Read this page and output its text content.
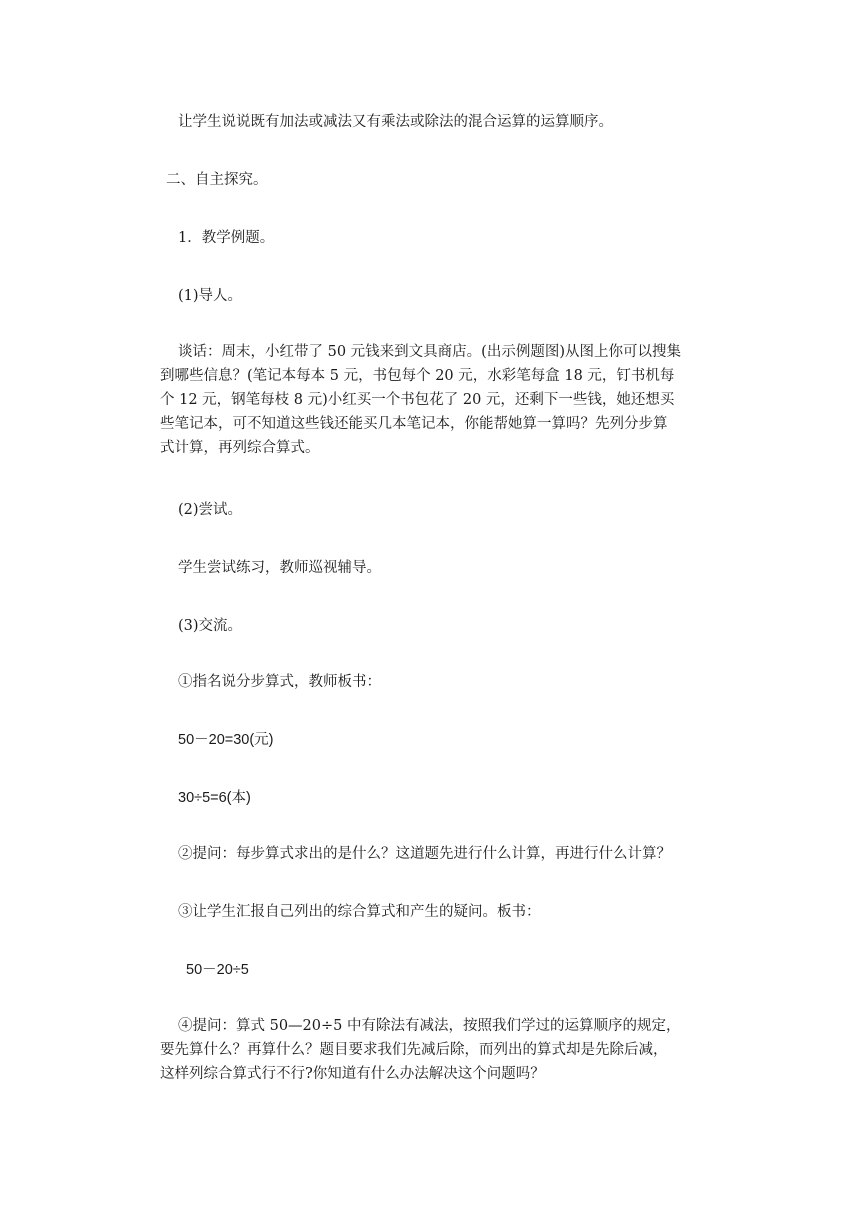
让学生说说既有加法或减法又有乘法或除法的混合运算的运算顺序。
二、自主探究。
1．教学例题。
(1)导人。
谈话：周末，小红带了 50 元钱来到文具商店。(出示例题图)从图上你可以搜集
到哪些信息？(笔记本每本 5 元，书包每个 20 元，水彩笔每盒 18 元，钉书机每
个 12 元，钢笔每枝 8 元)小红买一个书包花了 20 元，还剩下一些钱，她还想买
些笔记本，可不知道这些钱还能买几本笔记本，你能帮她算一算吗？先列分步算
式计算，再列综合算式。
(2)尝试。
学生尝试练习，教师巡视辅导。
(3)交流。
①指名说分步算式，教师板书：
50－20=30(元)
30÷5=6(本)
②提问：每步算式求出的是什么？这道题先进行什么计算，再进行什么计算？
③让学生汇报自己列出的综合算式和产生的疑问。板书：
50－20÷5
④提问：算式 50—20÷5 中有除法有减法，按照我们学过的运算顺序的规定，
要先算什么？再算什么？题目要求我们先减后除，而列出的算式却是先除后减，
这样列综合算式行不行?你知道有什么办法解决这个问题吗？
